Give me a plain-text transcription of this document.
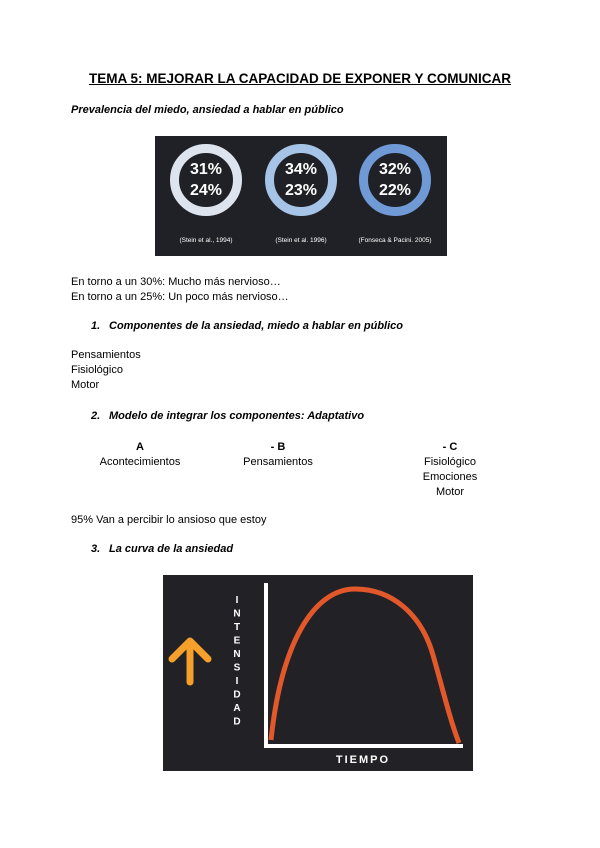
TEMA 5: MEJORAR LA CAPACIDAD DE EXPONER Y COMUNICAR
Prevalencia del miedo, ansiedad a hablar en público
31%
24%
34%
23%
32%
22%
(Stein et al., 1994)	(Stein et al. 1996)	(Fonseca & Pacini. 2005)
En torno a un 30%: Mucho más nervioso…
En torno a un 25%: Un poco más nervioso…
1. Componentes de la ansiedad, miedo a hablar en público
Pensamientos
Fisiológico
Motor
2. Modelo de integrar los componentes: Adaptativo
A
Acontecimientos
- B
Pensamientos
- C
Fisiológico
Emociones
Motor
95% Van a percibir lo ansioso que estoy
3. La curva de la ansiedad
I
N
T
E
N
S
I
D
A
D
TIEMPO
